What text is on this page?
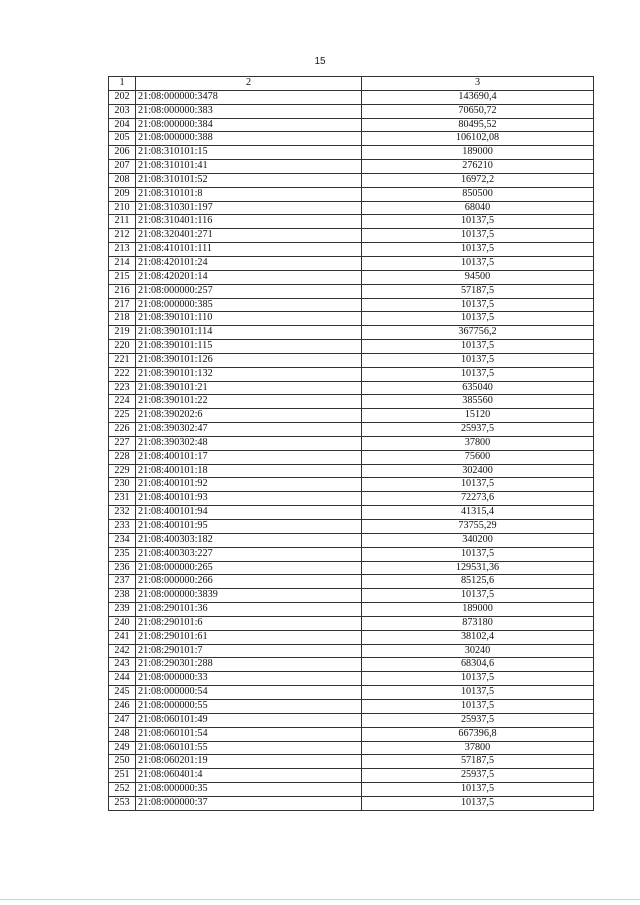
15
1	2	3
202	21:08:000000:3478	143690,4
203	21:08:000000:383	70650,72
204	21:08:000000:384	80495,52
205	21:08:000000:388	106102,08
206	21:08:310101:15	189000
207	21:08:310101:41	276210
208	21:08:310101:52	16972,2
209	21:08:310101:8	850500
210	21:08:310301:197	68040
211	21:08:310401:116	10137,5
212	21:08:320401:271	10137,5
213	21:08:410101:111	10137,5
214	21:08:420101:24	10137,5
215	21:08:420201:14	94500
216	21:08:000000:257	57187,5
217	21:08:000000:385	10137,5
218	21:08:390101:110	10137,5
219	21:08:390101:114	367756,2
220	21:08:390101:115	10137,5
221	21:08:390101:126	10137,5
222	21:08:390101:132	10137,5
223	21:08:390101:21	635040
224	21:08:390101:22	385560
225	21:08:390202:6	15120
226	21:08:390302:47	25937,5
227	21:08:390302:48	37800
228	21:08:400101:17	75600
229	21:08:400101:18	302400
230	21:08:400101:92	10137,5
231	21:08:400101:93	72273,6
232	21:08:400101:94	41315,4
233	21:08:400101:95	73755,29
234	21:08:400303:182	340200
235	21:08:400303:227	10137,5
236	21:08:000000:265	129531,36
237	21:08:000000:266	85125,6
238	21:08:000000:3839	10137,5
239	21:08:290101:36	189000
240	21:08:290101:6	873180
241	21:08:290101:61	38102,4
242	21:08:290101:7	30240
243	21:08:290301:288	68304,6
244	21:08:000000:33	10137,5
245	21:08:000000:54	10137,5
246	21:08:000000:55	10137,5
247	21:08:060101:49	25937,5
248	21:08:060101:54	667396,8
249	21:08:060101:55	37800
250	21:08:060201:19	57187,5
251	21:08:060401:4	25937,5
252	21:08:000000:35	10137,5
253	21:08:000000:37	10137,5
